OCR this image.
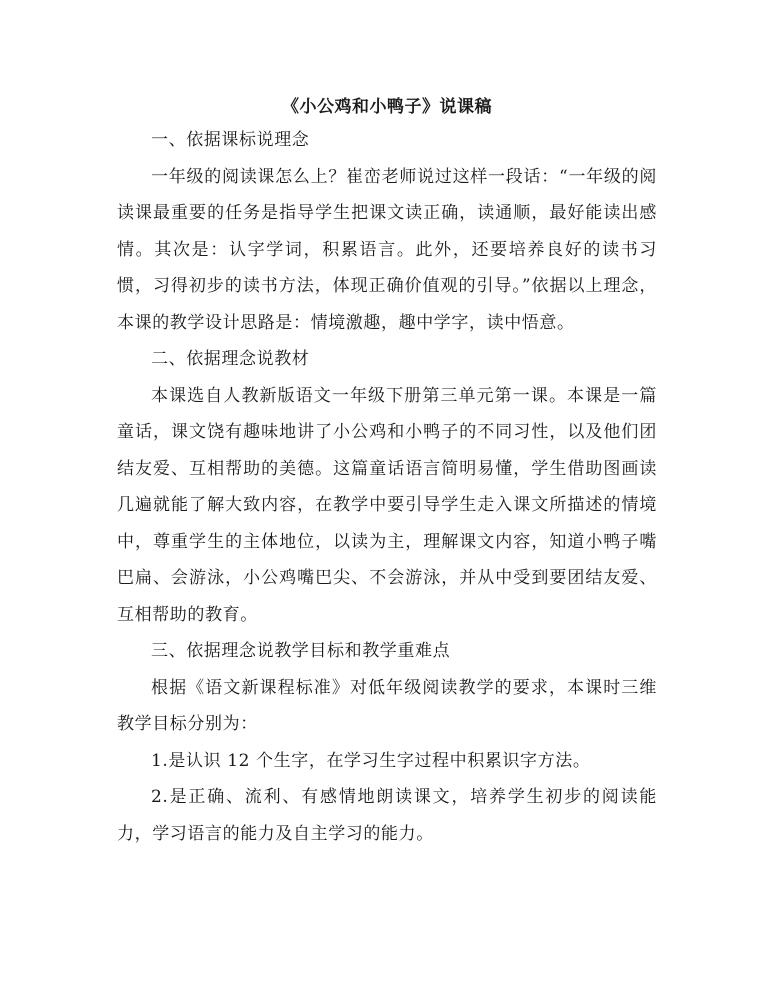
《小公鸡和小鸭子》说课稿

一、依据课标说理念

一年级的阅读课怎么上？崔峦老师说过这样一段话：“一年级的阅读课最重要的任务是指导学生把课文读正确，读通顺，最好能读出感情。其次是：认字学词，积累语言。此外，还要培养良好的读书习惯，习得初步的读书方法，体现正确价值观的引导。”依据以上理念，本课的教学设计思路是：情境激趣，趣中学字，读中悟意。

二、依据理念说教材

本课选自人教新版语文一年级下册第三单元第一课。本课是一篇童话，课文饶有趣味地讲了小公鸡和小鸭子的不同习性，以及他们团结友爱、互相帮助的美德。这篇童话语言简明易懂，学生借助图画读几遍就能了解大致内容，在教学中要引导学生走入课文所描述的情境中，尊重学生的主体地位，以读为主，理解课文内容，知道小鸭子嘴巴扁、会游泳，小公鸡嘴巴尖、不会游泳，并从中受到要团结友爱、互相帮助的教育。

三、依据理念说教学目标和教学重难点

根据《语文新课程标准》对低年级阅读教学的要求，本课时三维教学目标分别为：

1.是认识 12 个生字，在学习生字过程中积累识字方法。

2.是正确、流利、有感情地朗读课文，培养学生初步的阅读能力，学习语言的能力及自主学习的能力。
